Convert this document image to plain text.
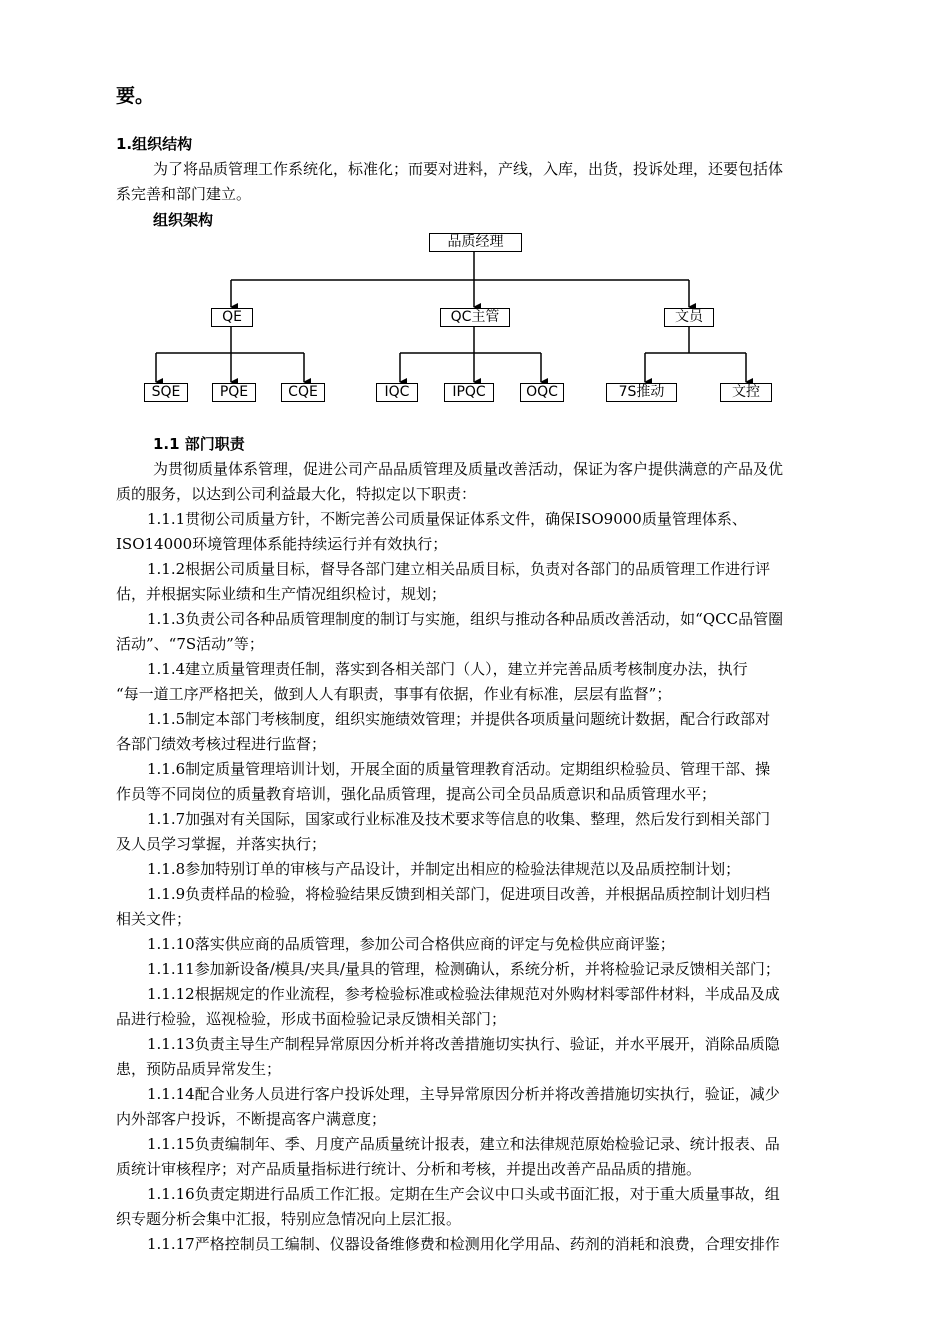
要。
1.组织结构
为了将品质管理工作系统化，标准化；而要对进料，产线，入库，出货，投诉处理，还要包括体
系完善和部门建立。
组织架构
品质经理
QE	QC主管	文员
SQE	PQE	CQE	IQC	IPQC	OQC	7S推动	文控
1.1 部门职责
为贯彻质量体系管理，促进公司产品品质管理及质量改善活动，保证为客户提供满意的产品及优
质的服务，以达到公司利益最大化，特拟定以下职责：
1.1.1贯彻公司质量方针，不断完善公司质量保证体系文件，确保ISO9000质量管理体系、
ISO14000环境管理体系能持续运行并有效执行；
1.1.2根据公司质量目标，督导各部门建立相关品质目标，负责对各部门的品质管理工作进行评
估，并根据实际业绩和生产情况组织检讨，规划；
1.1.3负责公司各种品质管理制度的制订与实施，组织与推动各种品质改善活动，如“QCC品管圈
活动”、“7S活动”等；
1.1.4建立质量管理责任制，落实到各相关部门（人），建立并完善品质考核制度办法，执行
“每一道工序严格把关，做到人人有职责，事事有依据，作业有标准，层层有监督”；
1.1.5制定本部门考核制度，组织实施绩效管理；并提供各项质量问题统计数据，配合行政部对
各部门绩效考核过程进行监督；
1.1.6制定质量管理培训计划，开展全面的质量管理教育活动。定期组织检验员、管理干部、操
作员等不同岗位的质量教育培训，强化品质管理，提高公司全员品质意识和品质管理水平；
1.1.7加强对有关国际，国家或行业标准及技术要求等信息的收集、整理，然后发行到相关部门
及人员学习掌握，并落实执行；
1.1.8参加特别订单的审核与产品设计，并制定出相应的检验法律规范以及品质控制计划；
1.1.9负责样品的检验，将检验结果反馈到相关部门，促进项目改善，并根据品质控制计划归档
相关文件；
1.1.10落实供应商的品质管理，参加公司合格供应商的评定与免检供应商评鉴；
1.1.11参加新设备/模具/夹具/量具的管理，检测确认，系统分析，并将检验记录反馈相关部门；
1.1.12根据规定的作业流程，参考检验标准或检验法律规范对外购材料零部件材料，半成品及成
品进行检验，巡视检验，形成书面检验记录反馈相关部门；
1.1.13负责主导生产制程异常原因分析并将改善措施切实执行、验证，并水平展开，消除品质隐
患，预防品质异常发生；
1.1.14配合业务人员进行客户投诉处理，主导异常原因分析并将改善措施切实执行，验证，减少
内外部客户投诉，不断提高客户满意度；
1.1.15负责编制年、季、月度产品质量统计报表，建立和法律规范原始检验记录、统计报表、品
质统计审核程序；对产品质量指标进行统计、分析和考核，并提出改善产品品质的措施。
1.1.16负责定期进行品质工作汇报。定期在生产会议中口头或书面汇报，对于重大质量事故，组
织专题分析会集中汇报，特别应急情况向上层汇报。
1.1.17严格控制员工编制、仪器设备维修费和检测用化学用品、药剂的消耗和浪费，合理安排作
